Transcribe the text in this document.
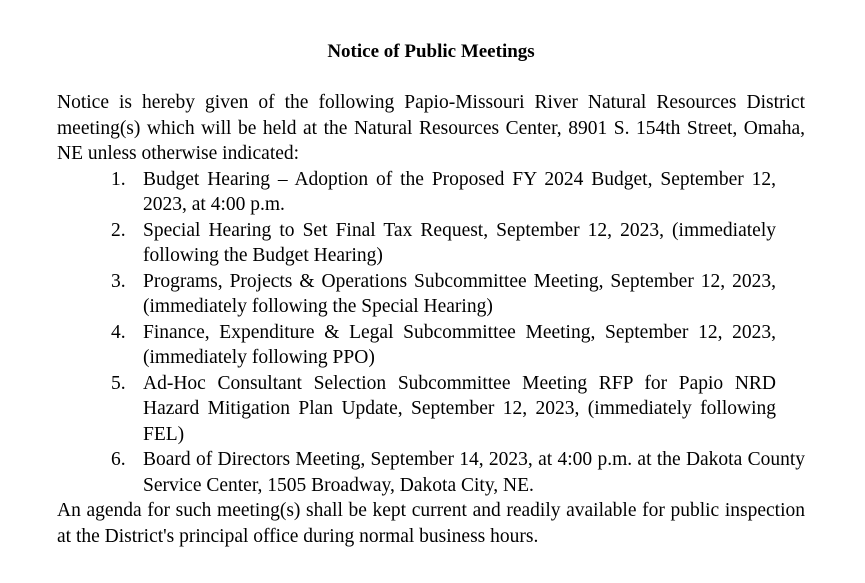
Notice of Public Meetings

Notice is hereby given of the following Papio-Missouri River Natural Resources District meeting(s) which will be held at the Natural Resources Center, 8901 S. 154th Street, Omaha, NE unless otherwise indicated:

1. Budget Hearing – Adoption of the Proposed FY 2024 Budget, September 12, 2023, at 4:00 p.m.
2. Special Hearing to Set Final Tax Request, September 12, 2023, (immediately following the Budget Hearing)
3. Programs, Projects & Operations Subcommittee Meeting, September 12, 2023, (immediately following the Special Hearing)
4. Finance, Expenditure & Legal Subcommittee Meeting, September 12, 2023, (immediately following PPO)
5. Ad-Hoc Consultant Selection Subcommittee Meeting RFP for Papio NRD Hazard Mitigation Plan Update, September 12, 2023, (immediately following FEL)
6. Board of Directors Meeting, September 14, 2023, at 4:00 p.m. at the Dakota County Service Center, 1505 Broadway, Dakota City, NE.

An agenda for such meeting(s) shall be kept current and readily available for public inspection at the District's principal office during normal business hours.
